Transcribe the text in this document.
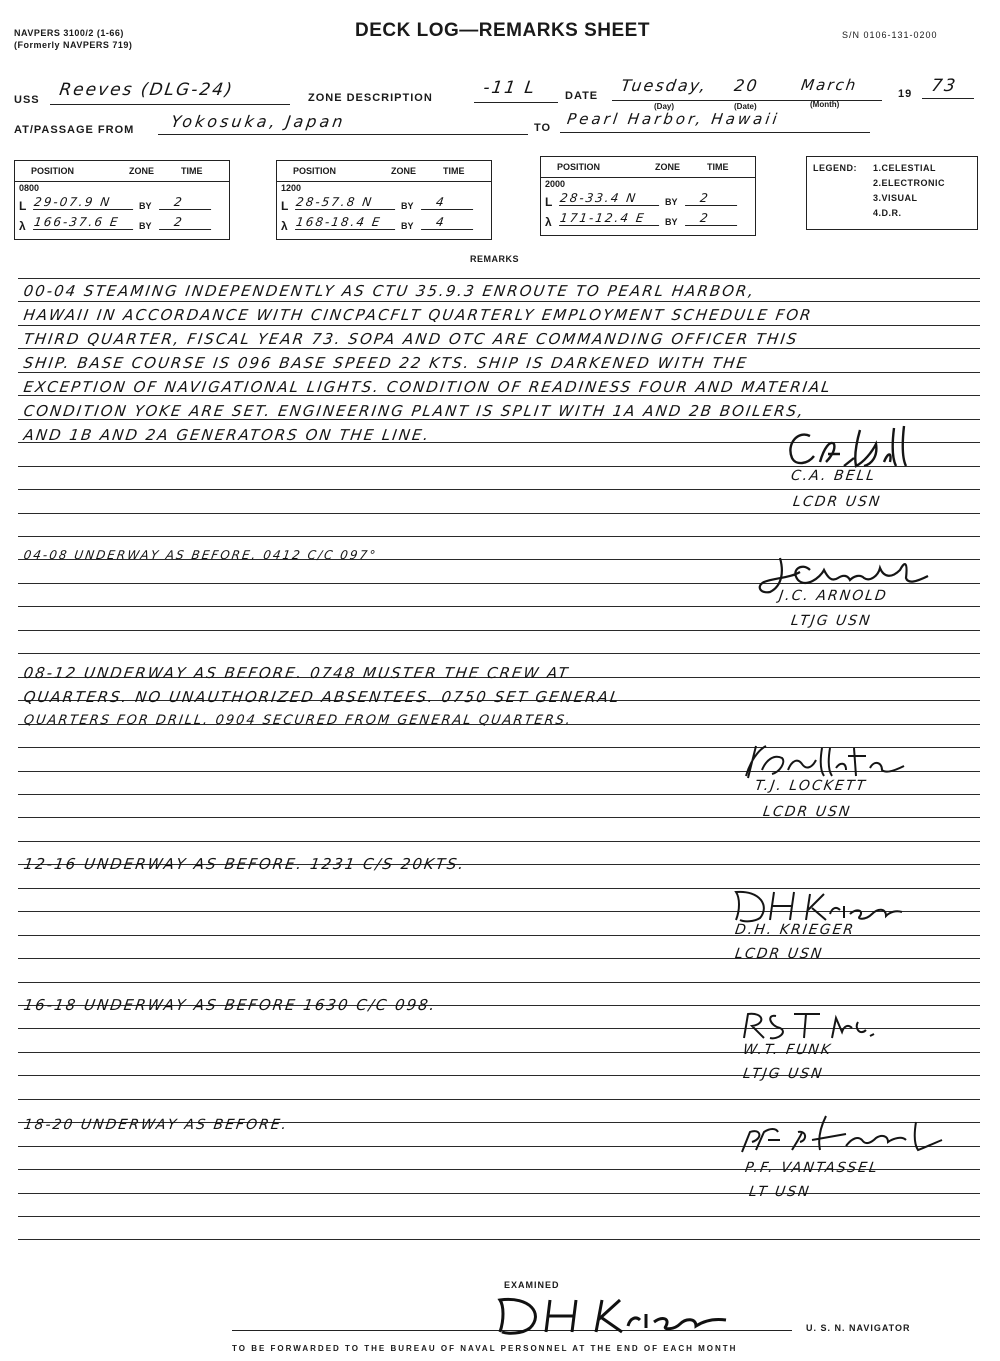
NAVPERS 3100/2 (1-66)
(Formerly NAVPERS 719)
DECK LOG—REMARKS SHEET	S/N 0106-131-0200
USS Reeves (DLG-24)	ZONE DESCRIPTION	-11 L	DATE
Tuesday, 20	March
(Day)	(Date)	(Month)
19 73
AT/PASSAGE FROM Yokosuka, Japan	TO Pearl Harbor, Hawaii
POSITION	ZONE	TIME
0800
L 29-07.9 N	BY	2
λ 166-37.6 E	BY	2
POSITION	ZONE	TIME
1200
L 28-57.8 N	BY	4
λ 168-18.4 E	BY	4
POSITION	ZONE	TIME
2000
L 28-33.4 N	BY	2
λ 171-12.4 E	BY	2
LEGEND: 1.CELESTIAL
2.ELECTRONIC
3.VISUAL
4.D.R.
REMARKS
00-04 STEAMING INDEPENDENTLY AS CTU 35.9.3 ENROUTE TO PEARL HARBOR,
HAWAII IN ACCORDANCE WITH CINCPACFLT QUARTERLY EMPLOYMENT SCHEDULE FOR
THIRD QUARTER, FISCAL YEAR 73. SOPA AND OTC ARE COMMANDING OFFICER THIS
SHIP. BASE COURSE IS 096 BASE SPEED 22 KTS. SHIP IS DARKENED WITH THE
EXCEPTION OF NAVIGATIONAL LIGHTS. CONDITION OF READINESS FOUR AND MATERIAL
CONDITION YOKE ARE SET. ENGINEERING PLANT IS SPLIT WITH 1A AND 2B BOILERS,
AND 1B AND 2A GENERATORS ON THE LINE.
C.A. BELL
LCDR USN
04-08 UNDERWAY AS BEFORE. 0412 C/C 097°
J.C. ARNOLD
LTJG USN
08-12 UNDERWAY AS BEFORE. 0748 MUSTER THE CREW AT
QUARTERS. NO UNAUTHORIZED ABSENTEES. 0750 SET GENERAL
QUARTERS FOR DRILL. 0904 SECURED FROM GENERAL QUARTERS.
T.J. LOCKETT
LCDR USN
12-16 UNDERWAY AS BEFORE. 1231 C/S 20KTS.
D.H. KRIEGER
LCDR USN
16-18 UNDERWAY AS BEFORE 1630 C/C 098.
W.T. FUNK
LTJG USN
18-20 UNDERWAY AS BEFORE.
P.F. VANTASSEL
LT USN
EXAMINED
U. S. N. NAVIGATOR
TO BE FORWARDED TO THE BUREAU OF NAVAL PERSONNEL AT THE END OF EACH MONTH
